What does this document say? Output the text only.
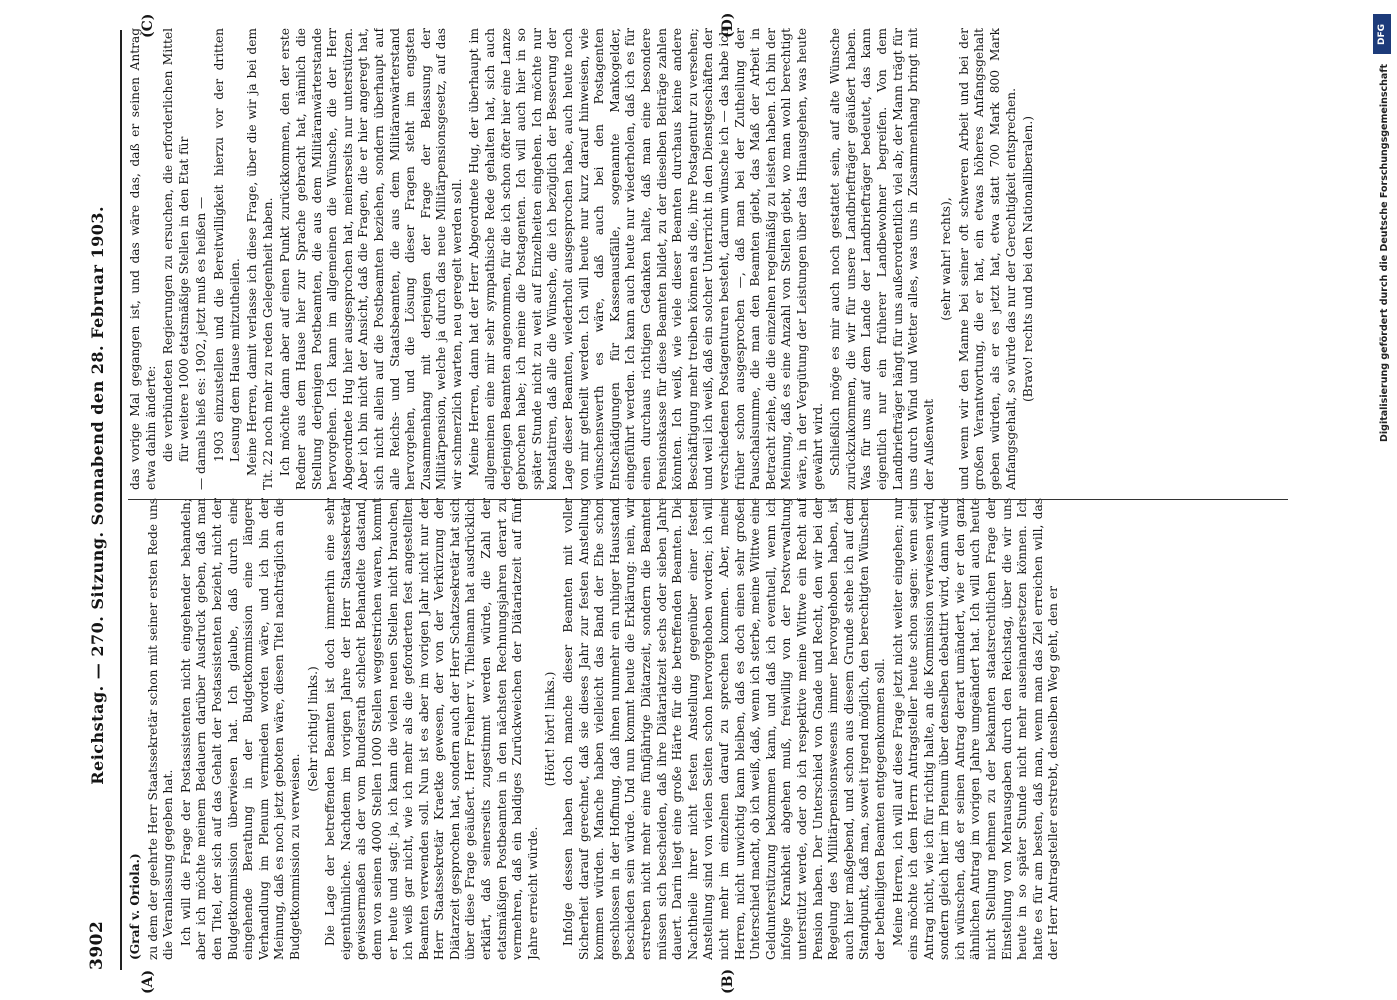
3902
Reichstag. — 270. Sitzung. Sonnabend den 28. Februar 1903.
(A)	(B)
(C)	(D)

(Graf v. Oriola.) zu dem der geehrte Herr Staatssekretär schon mit seiner ersten Rede uns die Veranlassung gegeben hat. Ich will die Frage der Postassistenten nicht eingehender behandeln; aber ich möchte meinem Bedauern darüber Ausdruck geben, daß man den Titel, der sich auf das Gehalt der Postassistenten bezieht, nicht der Budgetkommission überwiesen hat. Ich glaube, daß durch eine eingehende Berathung in der Budgetkommission eine längere Verhandlung im Plenum vermieden worden wäre, und ich bin der Meinung, daß es noch jetzt geboten wäre, diesen Titel nachträglich an die Budgetkommission zu verweisen.

(Sehr richtig! links.) Die Lage der betreffenden Beamten ist doch immerhin eine sehr eigenthümliche. Nachdem im vorigen Jahre der Herr Staatssekretär gewissermaßen als der vom Bundesrath schlecht Behandelte dastand, denn von seinen 4000 Stellen 1000 Stellen weggestrichen waren, kommt er heute und sagt: ja, ich kann die vielen neuen Stellen nicht brauchen, ich weiß gar nicht, wie ich mehr als die geforderten fest angestellten Beamten verwenden soll. Nun ist es aber im vorigen Jahr nicht nur der Herr Staatssekretär Kraetke gewesen, der von der Verkürzung der Diätarzeit gesprochen hat, sondern auch der Herr Schatzsekretär hat sich über diese Frage geäußert. Herr Freiherr v. Thielmann hat ausdrücklich erklärt, daß seinerseits zugestimmt werden würde, die Zahl der etatsmäßigen Postbeamten in den nächsten Rechnungsjahren derart zu vermehren, daß ein baldiges Zurückweichen der Diätariatzeit auf fünf Jahre erreicht würde.

(Hört! hört! links.) Infolge dessen haben doch manche dieser Beamten mit voller Sicherheit darauf gerechnet, daß sie dieses Jahr zur festen Anstellung kommen würden. Manche haben vielleicht das Band der Ehe schon geschlossen in der Hoffnung, daß ihnen nunmehr ein ruhiger Hausstand beschieden sein würde. Und nun kommt heute die Erklärung: nein, wir erstreben nicht mehr eine fünfjährige Diätarzeit, sondern die Beamten müssen sich bescheiden, daß ihre Diätariatzeit sechs oder sieben Jahre dauert. Darin liegt eine große Härte für die betreffenden Beamten. Die Nachtheile ihrer nicht festen Anstellung gegenüber einer festen Anstellung sind von vielen Seiten schon hervorgehoben worden; ich will nicht mehr im einzelnen darauf zu sprechen kommen. Aber, meine Herren, nicht unwichtig kann bleiben, daß es doch einen sehr großen Unterschied macht, ob ich weiß, daß, wenn ich sterbe, meine Wittwe eine Geldunterstützung bekommen kann, und daß ich eventuell, wenn ich infolge Krankheit abgehen muß, freiwillig von der Postverwaltung unterstützt werde, oder ob ich respektive meine Wittwe ein Recht auf Pension haben. Der Unterschied von Gnade und Recht, den wir bei der Regelung des Militärpensionswesens immer hervorgehoben haben, ist auch hier maßgebend, und schon aus diesem Grunde stehe ich auf dem Standpunkt, daß man, soweit irgend möglich, den berechtigten Wünschen der betheiligten Beamten entgegenkommen soll. Meine Herren, ich will auf diese Frage jetzt nicht weiter eingehen; nur eins möchte ich dem Herrn Antragsteller heute schon sagen: wenn sein Antrag nicht, wie ich für richtig halte, an die Kommission verwiesen wird, sondern gleich hier im Plenum über denselben debattirt wird, dann würde ich wünschen, daß er seinen Antrag derart umändert, wie er den ganz ähnlichen Antrag im vorigen Jahre umgeändert hat. Ich will auch heute nicht Stellung nehmen zu der bekannten staatsrechtlichen Frage der Einstellung von Mehrausgaben durch den Reichstag, über die wir uns heute in so später Stunde nicht mehr auseinandersetzen können. Ich hatte es für am besten, daß man, wenn man das Ziel erreichen will, das der Herr Antragsteller erstrebt, denselben Weg geht, den er

das vorige Mal gegangen ist, und das wäre das, daß er seinen Antrag etwa dahin änderte: die verbündeten Regierungen zu ersuchen, die erforderlichen Mittel für weitere 1000 etatsmäßige Stellen in den Etat für — damals hieß es: 1902, jetzt muß es heißen — 1903 einzustellen und die Bereitwilligkeit hierzu vor der dritten Lesung dem Hause mitzutheilen. Meine Herren, damit verlasse ich diese Frage, über die wir ja bei dem Tit. 22 noch mehr zu reden Gelegenheit haben. Ich möchte dann aber auf einen Punkt zurückkommen, den der erste Redner aus dem Hause hier zur Sprache gebracht hat, nämlich die Stellung derjenigen Postbeamten, die aus dem Militäranwärterstande hervorgehen. Ich kann im allgemeinen die Wünsche, die der Herr Abgeordnete Hug hier ausgesprochen hat, meinerseits nur unterstützen. Aber ich bin nicht der Ansicht, daß die Fragen, die er hier angeregt hat, sich nicht allein auf die Postbeamten beziehen, sondern überhaupt auf alle Reichs- und Staatsbeamten, die aus dem Militäranwärterstand hervorgehen, und die Lösung dieser Fragen steht im engsten Zusammenhang mit derjenigen der Frage der Belassung der Militärpension, welche ja durch das neue Militärpensionsgesetz, auf das wir schmerzlich warten, neu geregelt werden soll. Meine Herren, dann hat der Herr Abgeordnete Hug, der überhaupt im allgemeinen eine mir sehr sympathische Rede gehalten hat, sich auch derjenigen Beamten angenommen, für die ich schon öfter hier eine Lanze gebrochen habe; ich meine die Postagenten. Ich will auch hier in so später Stunde nicht zu weit auf Einzelheiten eingehen. Ich möchte nur konstatiren, daß alle die Wünsche, die ich bezüglich der Besserung der Lage dieser Beamten, wiederholt ausgesprochen habe, auch heute noch von mir getheilt werden. Ich will heute nur kurz darauf hinweisen, wie wünschenswerth es wäre, daß auch bei den Postagenten Entschädigungen für Kassenausfälle, sogenannte Mankogelder, eingeführt werden. Ich kann auch heute nur wiederholen, daß ich es für einen durchaus richtigen Gedanken halte, daß man eine besondere Pensionskasse für diese Beamten bildet, zu der dieselben Beiträge zahlen könnten. Ich weiß, wie viele dieser Beamten durchaus keine andere Beschäftigung mehr treiben können als die, ihre Postagentur zu versehen; und weil ich weiß, daß ein solcher Unterricht in den Dienstgeschäften der verschiedenen Postagenturen besteht, darum wünsche ich — das habe ich früher schon ausgesprochen —, daß man bei der Zutheilung der Pauschalsumme, die man den Beamten giebt, das Maß der Arbeit in Betracht ziehe, die die einzelnen regelmäßig zu leisten haben. Ich bin der Meinung, daß es eine Anzahl von Stellen giebt, wo man wohl berechtigt wäre, in der Vergütung der Leistungen über das Hinausgehen, was heute gewährt wird. Schließlich möge es mir auch noch gestattet sein, auf alte Wünsche zurückzukommen, die wir für unsere Landbriefträger geäußert haben. Was für uns auf dem Lande der Landbriefträger bedeutet, das kann eigentlich nur ein früherer Landbewohner begreifen. Von dem Landbriefträger hängt für uns außerordentlich viel ab; der Mann trägt für uns durch Wind und Wetter alles, was uns in Zusammenhang bringt mit der Außenwelt

(sehr wahr! rechts), und wenn wir den Manne bei seiner oft schweren Arbeit und bei der großen Verantwortung, die er hat, ein etwas höheres Anfangsgehalt geben würden, als er es jetzt hat, etwa statt 700 Mark 800 Mark Anfangsgehalt, so würde das nur der Gerechtigkeit entsprechen. (Bravo! rechts und bei den Nationalliberalen.)

DFG
Digitalisierung gefördert durch die Deutsche Forschungsgemeinschaft
